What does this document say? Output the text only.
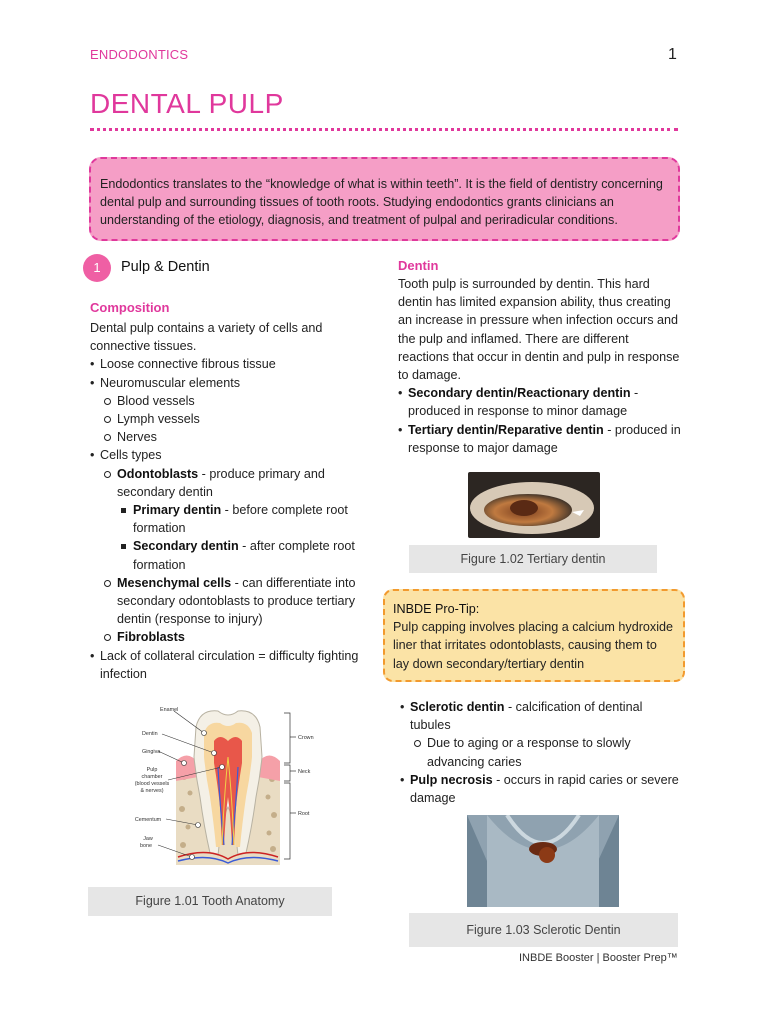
ENDODONTICS	1
DENTAL PULP

Endodontics translates to the “knowledge of what is within teeth”. It is the field of dentistry concerning dental pulp and surrounding tissues of tooth roots. Studying endodontics grants clinicians an understanding of the etiology, diagnosis, and treatment of pulpal and periradicular conditions.

1	Pulp & Dentin
Composition

Dental pulp contains a variety of cells and connective tissues.

• Loose connective fibrous tissue
• Neuromuscular elements
Blood vessels
Lymph vessels
Nerves
• Cells types
Odontoblasts - produce primary and secondary dentin
Primary dentin - before complete root formation
Secondary dentin - after complete root formation
Mesenchymal cells - can differentiate into secondary odontoblasts to produce tertiary dentin (response to injury)
Fibroblasts
• Lack of collateral circulation = difficulty fighting infection
Enamel
Dentin
Gingiva
Pulp
chamber
(blood vessels
& nerves)
Cementum
Jaw
bone
Crown
Neck
Root
Figure 1.01 Tooth Anatomy
Dentin

Tooth pulp is surrounded by dentin. This hard dentin has limited expansion ability, thus creating an increase in pressure when infection occurs and the pulp and inflamed. There are different reactions that occur in dentin and pulp in response to damage.

• Secondary dentin/Reactionary dentin - produced in response to minor damage
• Tertiary dentin/Reparative dentin - produced in response to major damage
Figure 1.02 Tertiary dentin
INBDE Pro-Tip:

Pulp capping involves placing a calcium hydroxide liner that irritates odontoblasts, causing them to lay down secondary/tertiary dentin

• Sclerotic dentin - calcification of dentinal tubules
Due to aging or a response to slowly advancing caries
• Pulp necrosis - occurs in rapid caries or severe damage
Figure 1.03 Sclerotic Dentin
INBDE Booster | Booster Prep™
